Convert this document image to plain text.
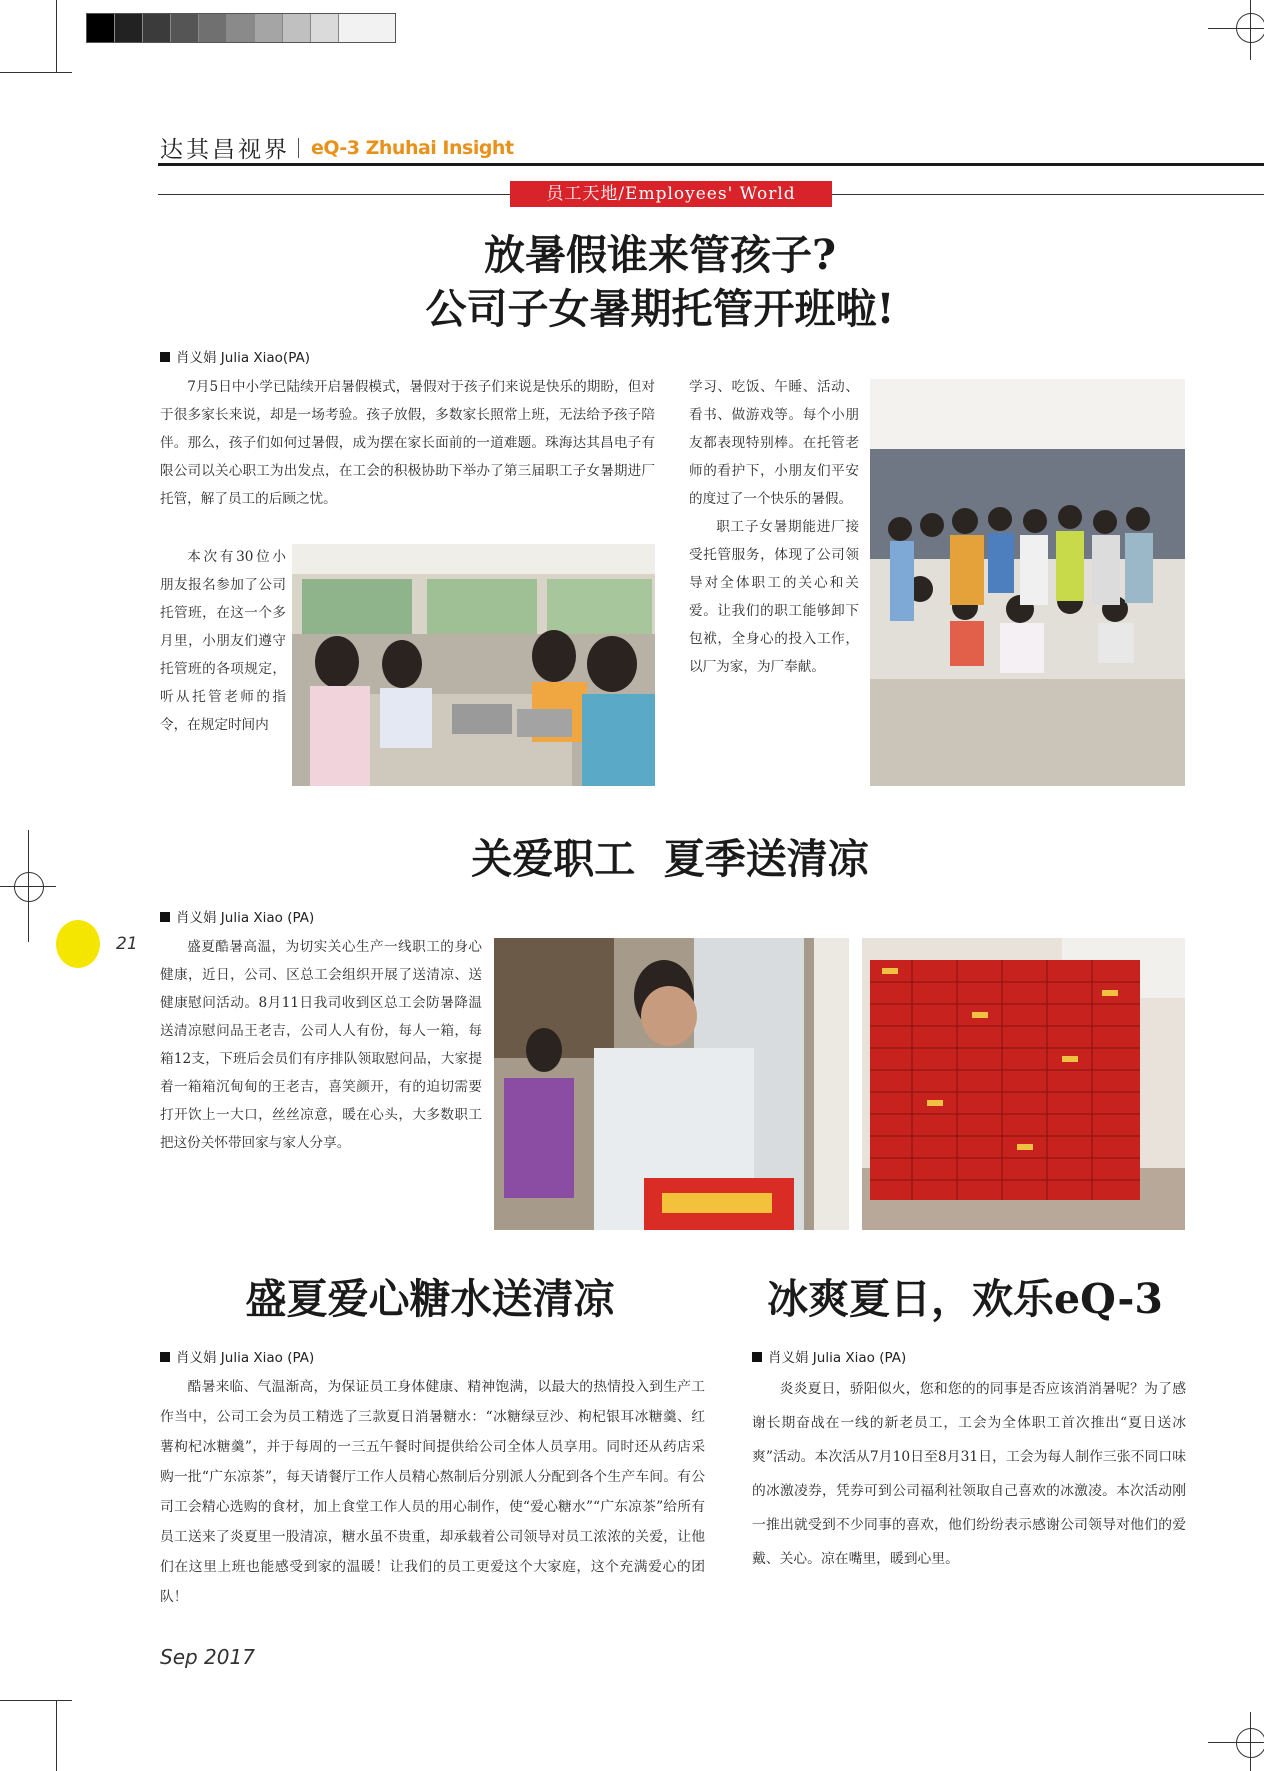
21
达其昌视界 eQ-3 Zhuhai Insight
员工天地/Employees' World
放暑假谁来管孩子?
公司子女暑期托管开班啦!
肖义娟 Julia Xiao(PA)

7月5日中小学已陆续开启暑假模式，暑假对于孩子们来说是快乐的期盼，但对于很多家长来说，却是一场考验。孩子放假，多数家长照常上班，无法给予孩子陪伴。那么，孩子们如何过暑假，成为摆在家长面前的一道难题。珠海达其昌电子有限公司以关心职工为出发点，在工会的积极协助下举办了第三届职工子女暑期进厂托管，解了员工的后顾之忧。

本次有30位小朋友报名参加了公司托管班，在这一个多月里，小朋友们遵守托管班的各项规定，听从托管老师的指令，在规定时间内

学习、吃饭、午睡、活动、看书、做游戏等。每个小朋友都表现特别棒。在托管老师的看护下，小朋友们平安的度过了一个快乐的暑假。

职工子女暑期能进厂接受托管服务，体现了公司领导对全体职工的关心和关爱。让我们的职工能够卸下包袱，全身心的投入工作，以厂为家，为厂奉献。

关爱职工  夏季送清凉
肖义娟 Julia Xiao (PA)

盛夏酷暑高温，为切实关心生产一线职工的身心健康，近日，公司、区总工会组织开展了送清凉、送健康慰问活动。8月11日我司收到区总工会防暑降温送清凉慰问品王老吉，公司人人有份，每人一箱，每箱12支，下班后会员们有序排队领取慰问品，大家提着一箱箱沉甸甸的王老吉，喜笑颜开，有的迫切需要打开饮上一大口，丝丝凉意，暖在心头，大多数职工把这份关怀带回家与家人分享。

盛夏爱心糖水送清凉
肖义娟 Julia Xiao (PA)

酷暑来临、气温渐高，为保证员工身体健康、精神饱满，以最大的热情投入到生产工作当中，公司工会为员工精选了三款夏日消暑糖水：“冰糖绿豆沙、枸杞银耳冰糖羹、红薯枸杞冰糖羹”，并于每周的一三五午餐时间提供给公司全体人员享用。同时还从药店采购一批“广东凉茶”，每天请餐厅工作人员精心熬制后分别派人分配到各个生产车间。有公司工会精心选购的食材，加上食堂工作人员的用心制作，使“爱心糖水”“广东凉茶”给所有员工送来了炎夏里一股清凉，糖水虽不贵重，却承载着公司领导对员工浓浓的关爱，让他们在这里上班也能感受到家的温暖！让我们的员工更爱这个大家庭，这个充满爱心的团队！

冰爽夏日，欢乐eQ-3
肖义娟 Julia Xiao (PA)

炎炎夏日，骄阳似火，您和您的的同事是否应该消消暑呢？为了感谢长期奋战在一线的新老员工，工会为全体职工首次推出“夏日送冰爽”活动。本次活从7月10日至8月31日，工会为每人制作三张不同口味的冰激凌券，凭券可到公司福利社领取自己喜欢的冰激凌。本次活动刚一推出就受到不少同事的喜欢，他们纷纷表示感谢公司领导对他们的爱戴、关心。凉在嘴里，暖到心里。

Sep 2017
